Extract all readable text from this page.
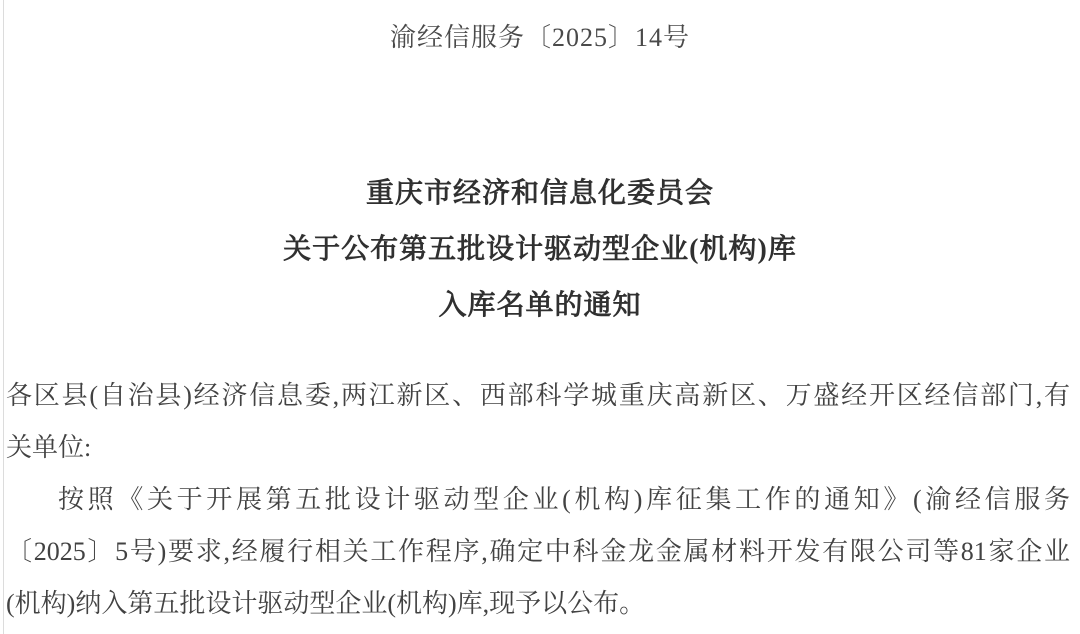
渝经信服务〔2025〕14号
重庆市经济和信息化委员会
关于公布第五批设计驱动型企业(机构)库
入库名单的通知
各区县(自治县)经济信息委,两江新区、西部科学城重庆高新区、万盛经开区经信部门,有
关单位:
按照《关于开展第五批设计驱动型企业(机构)库征集工作的通知》(渝经信服务
〔2025〕5号)要求,经履行相关工作程序,确定中科金龙金属材料开发有限公司等81家企业
(机构)纳入第五批设计驱动型企业(机构)库,现予以公布。
